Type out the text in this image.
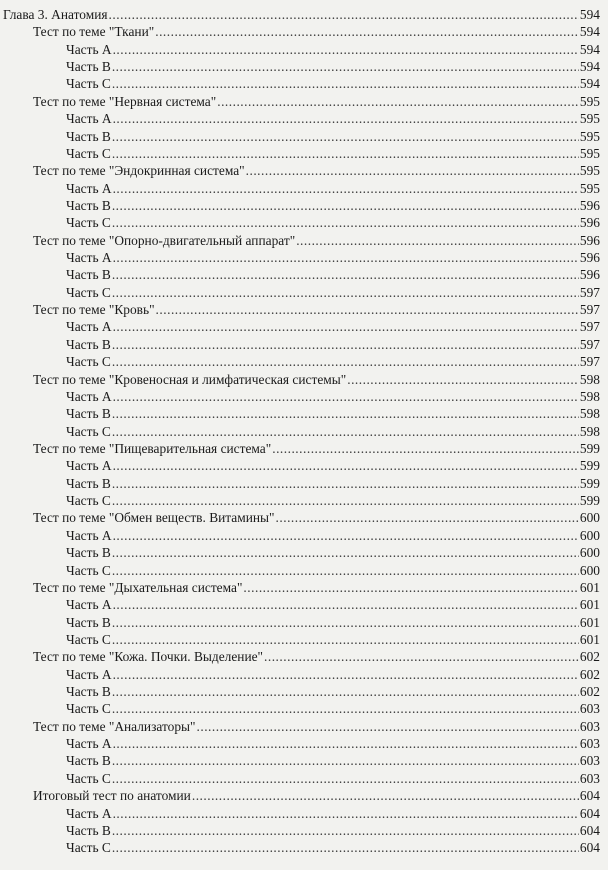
Глава 3. Анатомия .....	594
Тест по теме "Ткани" .....	594
Часть А .....	594
Часть В .....	594
Часть С .....	594
Тест по теме "Нервная система" .....	595
Часть А .....	595
Часть В .....	595
Часть С .....	595
Тест по теме "Эндокринная система" .....	595
Часть А .....	595
Часть В .....	596
Часть С .....	596
Тест по теме "Опорно-двигательный аппарат" .....	596
Часть А .....	596
Часть В .....	596
Часть С .....	597
Тест по теме "Кровь" .....	597
Часть А .....	597
Часть В .....	597
Часть С .....	597
Тест по теме "Кровеносная и лимфатическая системы" .....	598
Часть А .....	598
Часть В .....	598
Часть С .....	598
Тест по теме "Пищеварительная система" .....	599
Часть А .....	599
Часть В .....	599
Часть С .....	599
Тест по теме "Обмен веществ. Витамины" .....	600
Часть А .....	600
Часть В .....	600
Часть С .....	600
Тест по теме "Дыхательная система" .....	601
Часть А .....	601
Часть В .....	601
Часть С .....	601
Тест по теме "Кожа. Почки. Выделение" .....	602
Часть А .....	602
Часть В .....	602
Часть С .....	603
Тест по теме "Анализаторы" .....	603
Часть А .....	603
Часть В .....	603
Часть С .....	603
Итоговый тест по анатомии .....	604
Часть А .....	604
Часть В .....	604
Часть С .....	604
